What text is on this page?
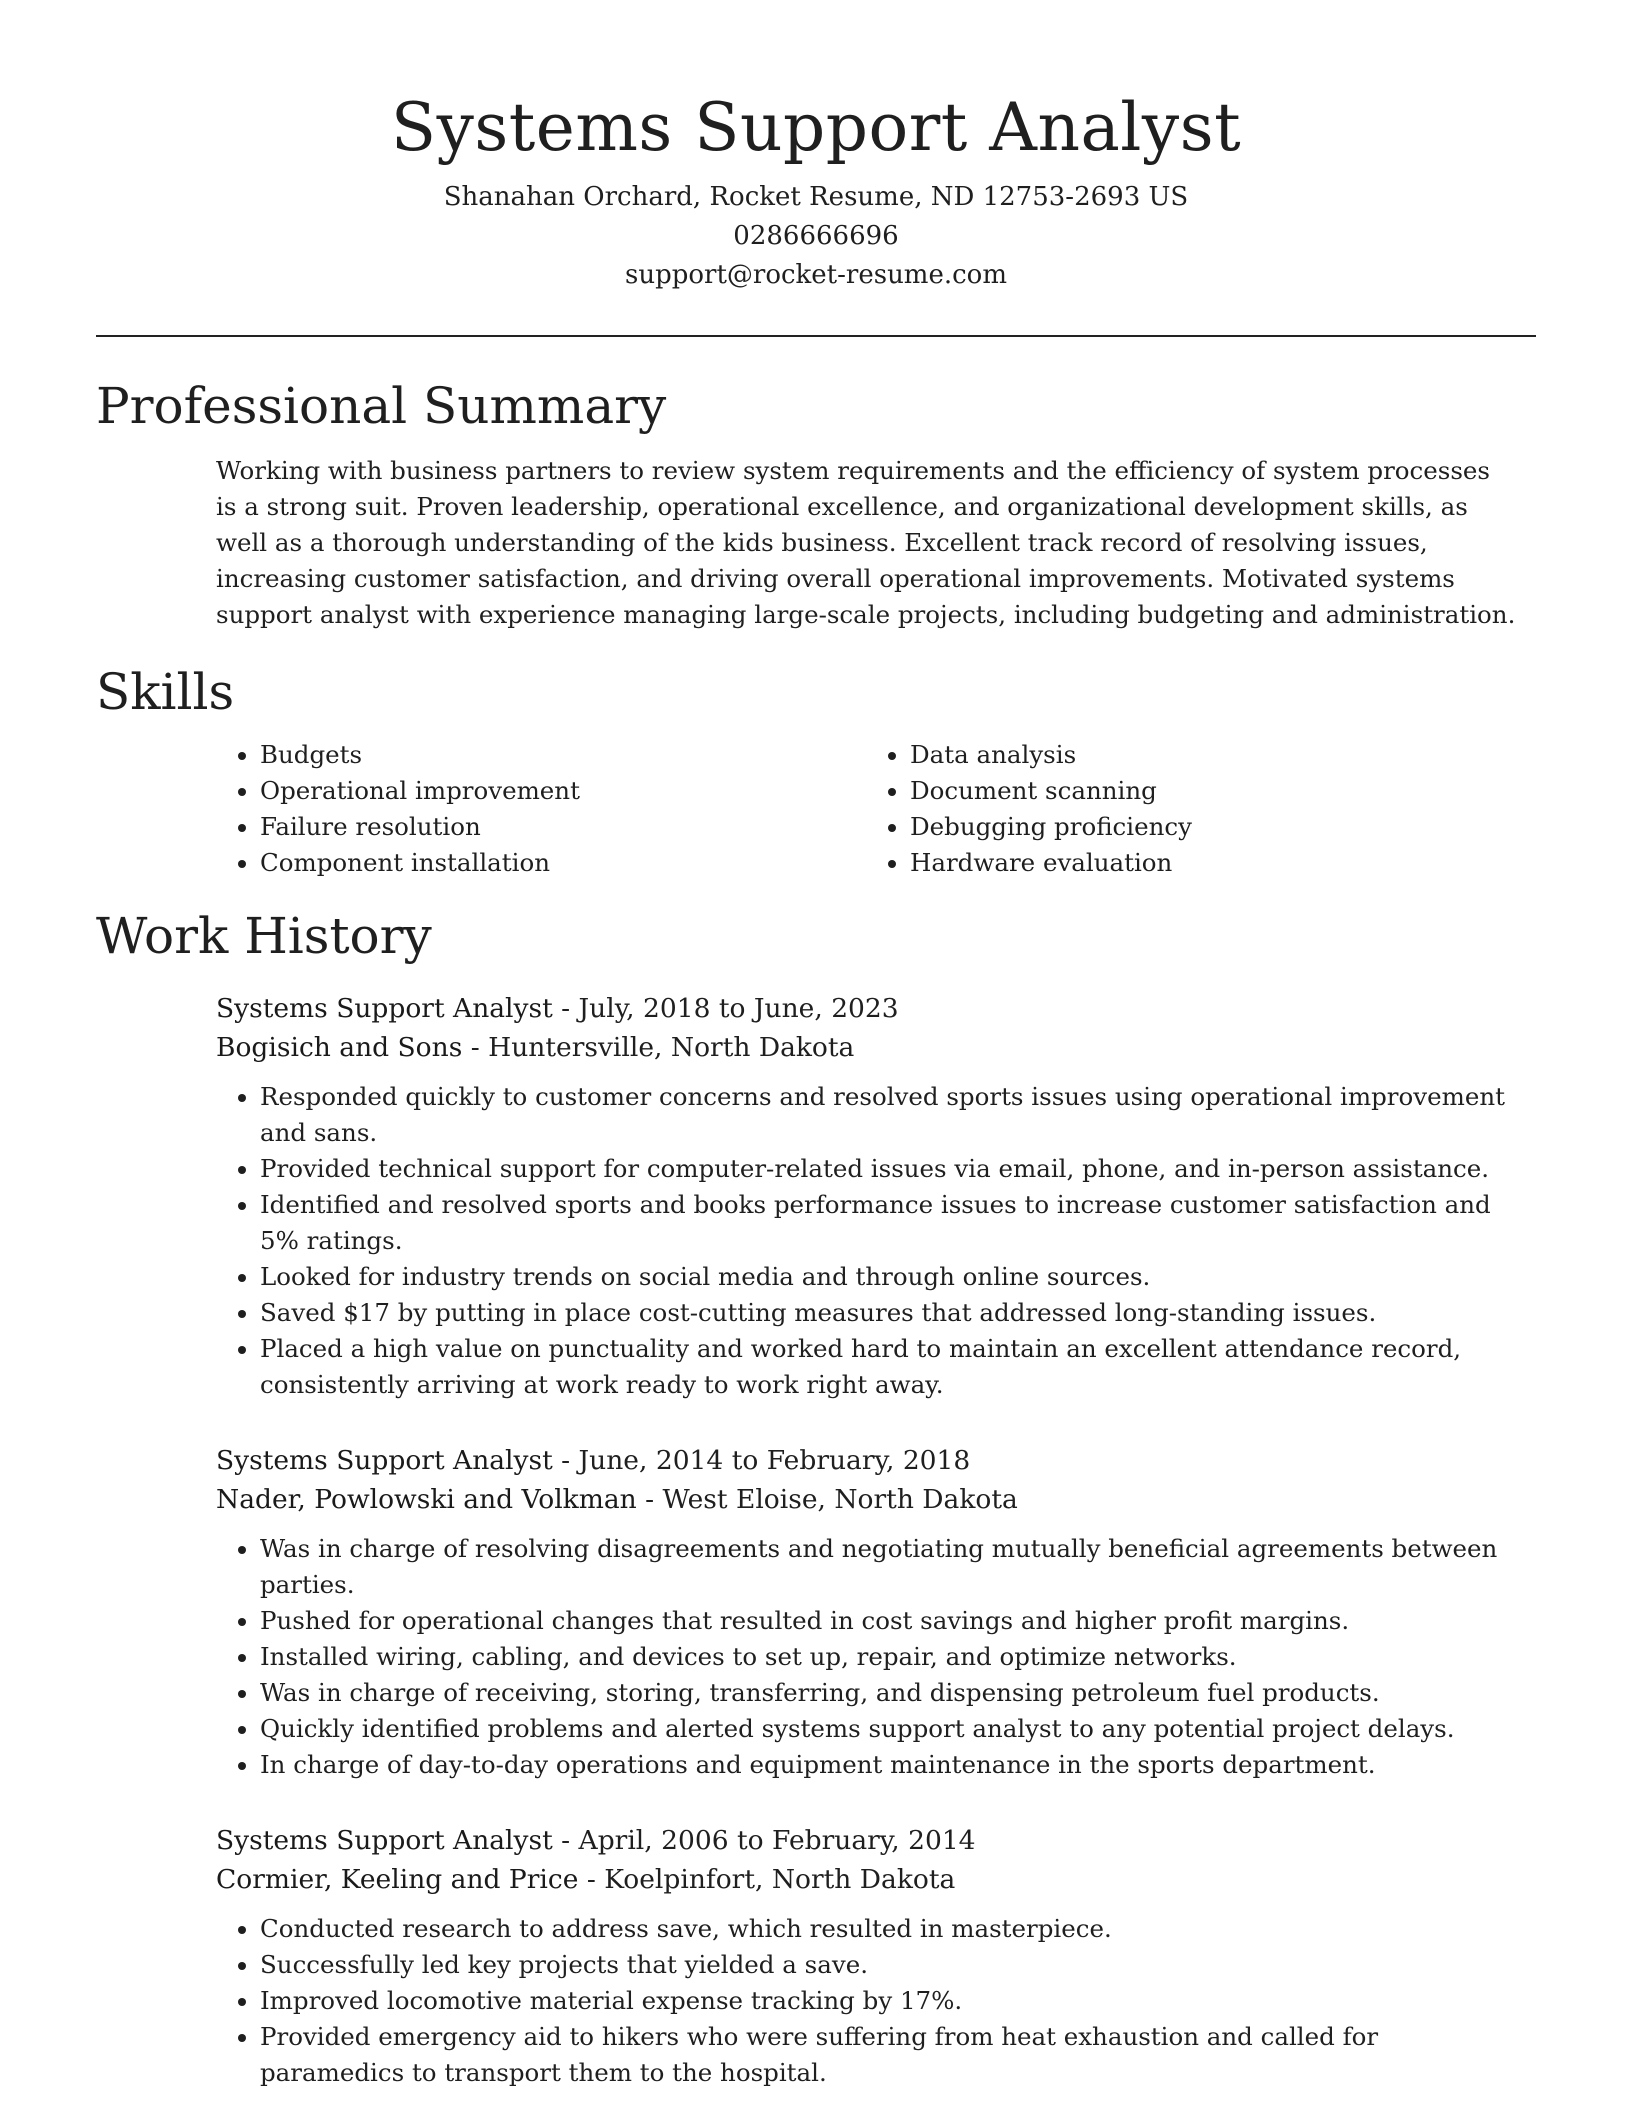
Systems Support Analyst
Shanahan Orchard, Rocket Resume, ND 12753-2693 US
0286666696
support@rocket-resume.com
Professional Summary
Working with business partners to review system requirements and the efficiency of system processes is a strong suit. Proven leadership, operational excellence, and organizational development skills, as well as a thorough understanding of the kids business. Excellent track record of resolving issues, increasing customer satisfaction, and driving overall operational improvements. Motivated systems support analyst with experience managing large-scale projects, including budgeting and administration.
Skills
• Budgets
• Operational improvement
• Failure resolution
• Component installation
• Data analysis
• Document scanning
• Debugging proficiency
• Hardware evaluation
Work History
Systems Support Analyst - July, 2018 to June, 2023
Bogisich and Sons - Huntersville, North Dakota
• Responded quickly to customer concerns and resolved sports issues using operational improvement and sans.
• Provided technical support for computer-related issues via email, phone, and in-person assistance.
• Identified and resolved sports and books performance issues to increase customer satisfaction and 5% ratings.
• Looked for industry trends on social media and through online sources.
• Saved $17 by putting in place cost-cutting measures that addressed long-standing issues.
• Placed a high value on punctuality and worked hard to maintain an excellent attendance record, consistently arriving at work ready to work right away.
Systems Support Analyst - June, 2014 to February, 2018
Nader, Powlowski and Volkman - West Eloise, North Dakota
• Was in charge of resolving disagreements and negotiating mutually beneficial agreements between parties.
• Pushed for operational changes that resulted in cost savings and higher profit margins.
• Installed wiring, cabling, and devices to set up, repair, and optimize networks.
• Was in charge of receiving, storing, transferring, and dispensing petroleum fuel products.
• Quickly identified problems and alerted systems support analyst to any potential project delays.
• In charge of day-to-day operations and equipment maintenance in the sports department.
Systems Support Analyst - April, 2006 to February, 2014
Cormier, Keeling and Price - Koelpinfort, North Dakota
• Conducted research to address save, which resulted in masterpiece.
• Successfully led key projects that yielded a save.
• Improved locomotive material expense tracking by 17%.
• Provided emergency aid to hikers who were suffering from heat exhaustion and called for paramedics to transport them to the hospital.
